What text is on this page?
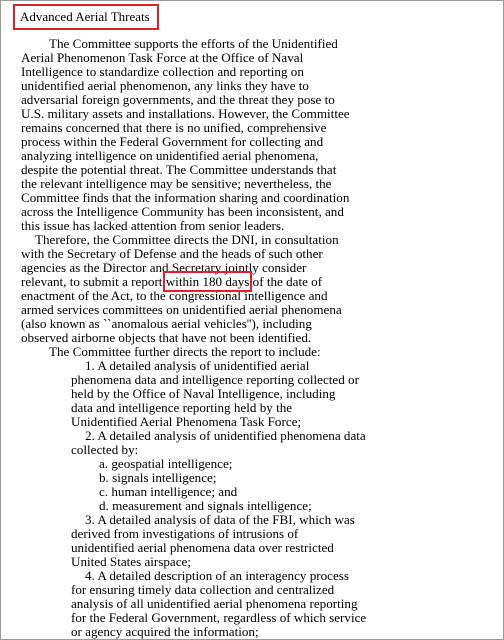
Advanced Aerial Threats

The Committee supports the efforts of the Unidentified

Aerial Phenomenon Task Force at the Office of Naval

Intelligence to standardize collection and reporting on

unidentified aerial phenomenon, any links they have to

adversarial foreign governments, and the threat they pose to

U.S. military assets and installations. However, the Committee

remains concerned that there is no unified, comprehensive

process within the Federal Government for collecting and

analyzing intelligence on unidentified aerial phenomena,

despite the potential threat. The Committee understands that

the relevant intelligence may be sensitive; nevertheless, the

Committee finds that the information sharing and coordination

across the Intelligence Community has been inconsistent, and

this issue has lacked attention from senior leaders.

Therefore, the Committee directs the DNI, in consultation

with the Secretary of Defense and the heads of such other

agencies as the Director and Secretary jointly consider

relevant, to submit a report within 180 days of the date of

enactment of the Act, to the congressional intelligence and

armed services committees on unidentified aerial phenomena

(also known as ``anomalous aerial vehicles''), including

observed airborne objects that have not been identified.

The Committee further directs the report to include:

1. A detailed analysis of unidentified aerial

phenomena data and intelligence reporting collected or

held by the Office of Naval Intelligence, including

data and intelligence reporting held by the

Unidentified Aerial Phenomena Task Force;

2. A detailed analysis of unidentified phenomena data

collected by:

a. geospatial intelligence;

b. signals intelligence;

c. human intelligence; and

d. measurement and signals intelligence;

3. A detailed analysis of data of the FBI, which was

derived from investigations of intrusions of

unidentified aerial phenomena data over restricted

United States airspace;

4. A detailed description of an interagency process

for ensuring timely data collection and centralized

analysis of all unidentified aerial phenomena reporting

for the Federal Government, regardless of which service

or agency acquired the information;
